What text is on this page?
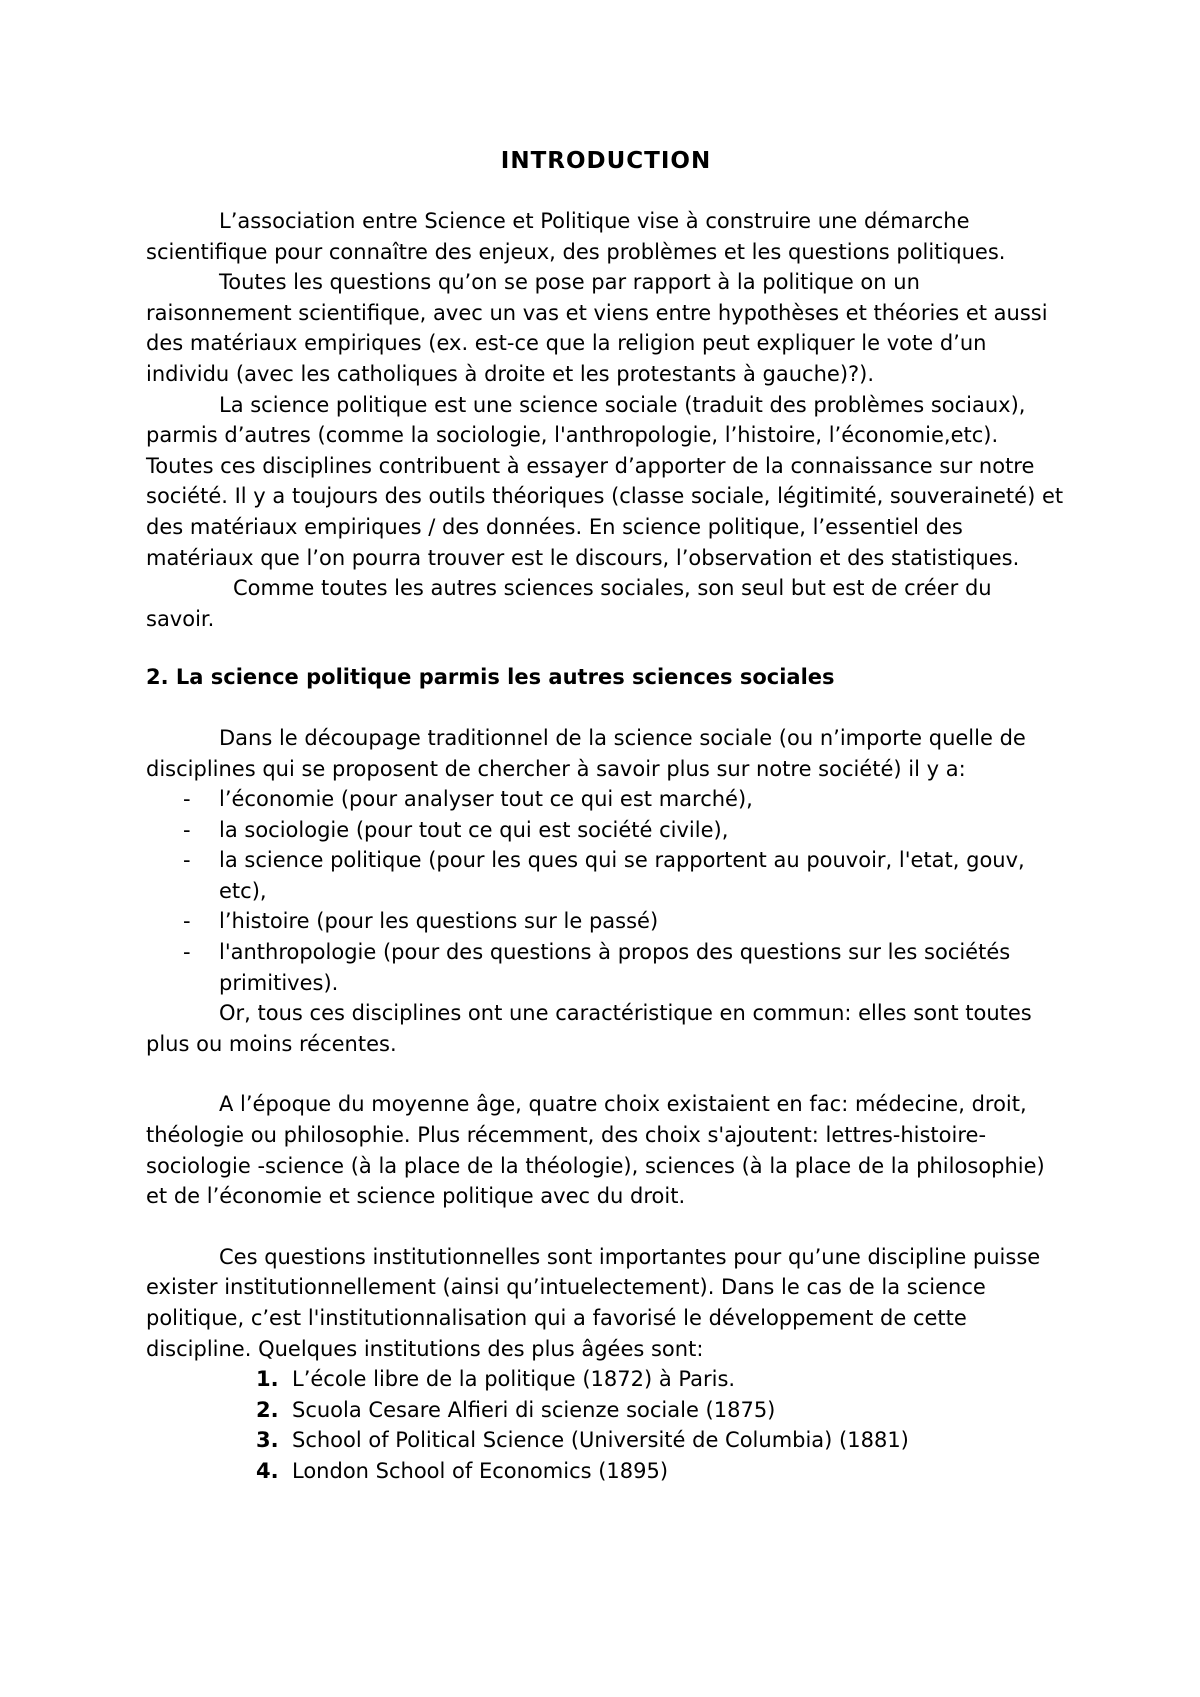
INTRODUCTION

L’association entre Science et Politique vise à construire une démarche scientifique pour connaître des enjeux, des problèmes et les questions politiques.

Toutes les questions qu’on se pose par rapport à la politique on un raisonnement scientifique, avec un vas et viens entre hypothèses et théories et aussi des matériaux empiriques (ex. est-ce que la religion peut expliquer le vote d’un individu (avec les catholiques à droite et les protestants à gauche)?).

La science politique est une science sociale (traduit des problèmes sociaux), parmis d’autres (comme la sociologie, l'anthropologie, l’histoire, l’économie,etc). Toutes ces disciplines contribuent à essayer d’apporter de la connaissance sur notre société. Il y a toujours des outils théoriques (classe sociale, légitimité, souveraineté) et des matériaux empiriques / des données. En science politique, l’essentiel des matériaux que l’on pourra trouver est le discours, l’observation et des statistiques.

Comme toutes les autres sciences sociales, son seul but est de créer du savoir.

2. La science politique parmis les autres sciences sociales

Dans le découpage traditionnel de la science sociale (ou n’importe quelle de disciplines qui se proposent de chercher à savoir plus sur notre société) il y a:

- l’économie (pour analyser tout ce qui est marché),
- la sociologie (pour tout ce qui est société civile),
- la science politique (pour les ques qui se rapportent au pouvoir, l'etat, gouv, etc),
- l’histoire (pour les questions sur le passé)
- l'anthropologie (pour des questions à propos des questions sur les sociétés primitives).

Or, tous ces disciplines ont une caractéristique en commun: elles sont toutes plus ou moins récentes.

A l’époque du moyenne âge, quatre choix existaient en fac: médecine, droit, théologie ou philosophie. Plus récemment, des choix s'ajoutent: lettres-histoire- sociologie -science (à la place de la théologie), sciences (à la place de la philosophie) et de l’économie et science politique avec du droit.

Ces questions institutionnelles sont importantes pour qu’une discipline puisse exister institutionnellement (ainsi qu’intuelectement). Dans le cas de la science politique, c’est l'institutionnalisation qui a favorisé le développement de cette discipline. Quelques institutions des plus âgées sont:

1. L’école libre de la politique (1872) à Paris.
2. Scuola Cesare Alfieri di scienze sociale (1875)
3. School of Political Science (Université de Columbia) (1881)
4. London School of Economics (1895)
